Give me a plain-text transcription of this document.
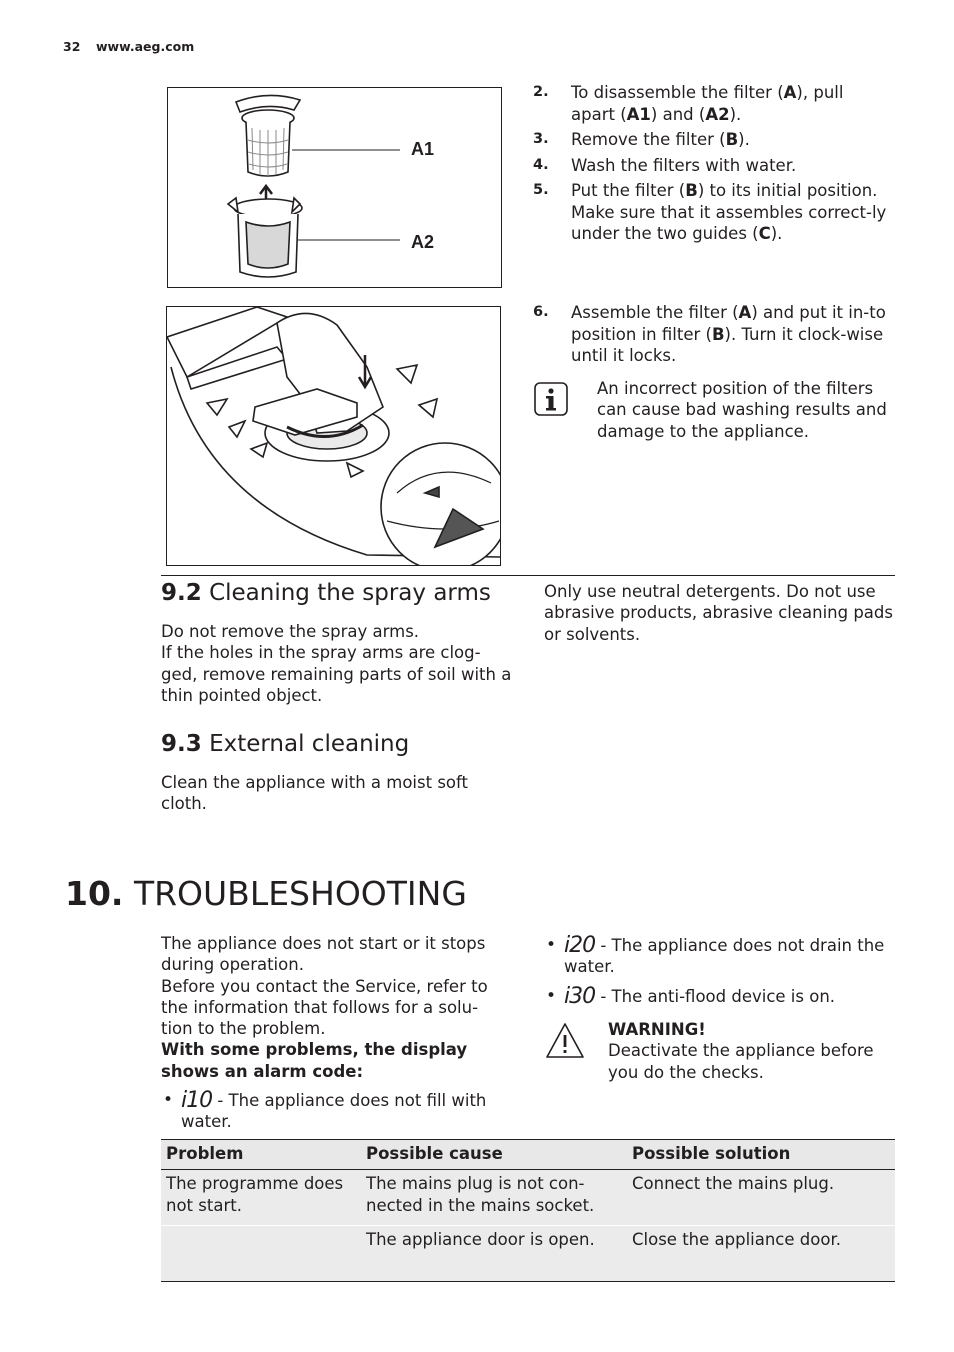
32 www.aeg.com
A1
A2
2. To disassemble the filter (A), pull apart (A1) and (A2).
3. Remove the filter (B).
4. Wash the filters with water.
5. Put the filter (B) to its initial position. Make sure that it assembles correct-ly under the two guides (C).
6. Assemble the filter (A) and put it in-to position in filter (B). Turn it clock-wise until it locks.
An incorrect position of the filters can cause bad washing results and damage to the appliance.
9.2 Cleaning the spray arms
Do not remove the spray arms.
If the holes in the spray arms are clog-ged, remove remaining parts of soil with a thin pointed object.
Only use neutral detergents. Do not use abrasive products, abrasive cleaning pads or solvents.
9.3 External cleaning
Clean the appliance with a moist soft cloth.
10. TROUBLESHOOTING
The appliance does not start or it stops during operation.
Before you contact the Service, refer to the information that follows for a solu-tion to the problem.
With some problems, the display shows an alarm code:
• i10 - The appliance does not fill with water.
• i20 - The appliance does not drain the water.
• i30 - The anti-flood device is on.
WARNING!
Deactivate the appliance before you do the checks.
Problem	Possible cause	Possible solution
The programme does not start.	The mains plug is not con-nected in the mains socket.	Connect the mains plug.
	The appliance door is open.	Close the appliance door.
